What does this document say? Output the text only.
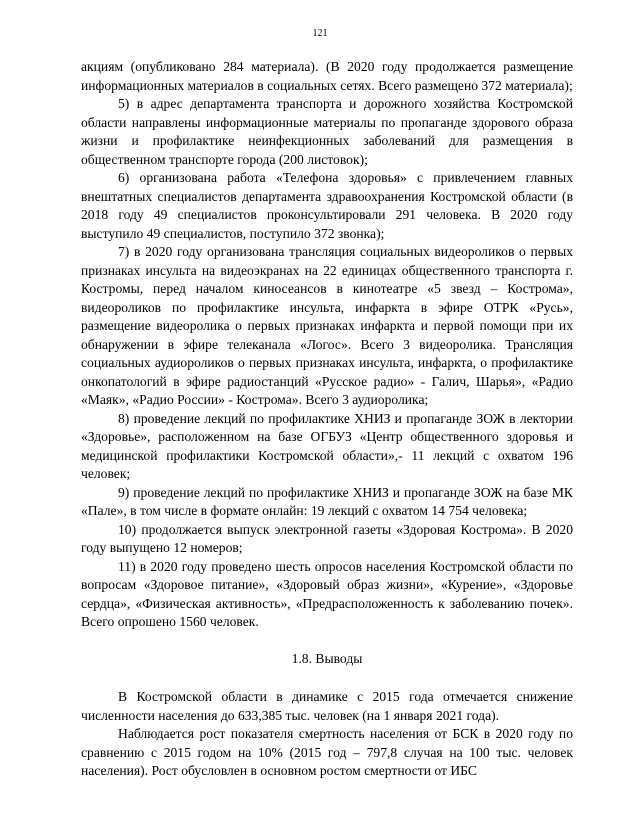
121

акциям (опубликовано 284 материала). (В 2020 году продолжается размещение информационных материалов в социальных сетях. Всего размещено 372 материала);

5) в адрес департамента транспорта и дорожного хозяйства Костромской области направлены информационные материалы по пропаганде здорового образа жизни и профилактике неинфекционных заболеваний для размещения в общественном транспорте города (200 листовок);

6) организована работа «Телефона здоровья» с привлечением главных внештатных специалистов департамента здравоохранения Костромской области (в 2018 году 49 специалистов проконсультировали 291 человека. В 2020 году выступило 49 специалистов, поступило 372 звонка);

7) в 2020 году организована трансляция социальных видеороликов о первых признаках инсульта на видеоэкранах на 22 единицах общественного транспорта г. Костромы, перед началом киносеансов в кинотеатре «5 звезд – Кострома», видеороликов по профилактике инсульта, инфаркта в эфире ОТРК «Русь», размещение видеоролика о первых признаках инфаркта и первой помощи при их обнаружении в эфире телеканала «Логос». Всего 3 видеоролика. Трансляция социальных аудиороликов о первых признаках инсульта, инфаркта, о профилактике онкопатологий в эфире радиостанций «Русское радио» - Галич, Шарья», «Радио «Маяк», «Радио России» - Кострома». Всего 3 аудиоролика;

8) проведение лекций по профилактике ХНИЗ и пропаганде ЗОЖ в лектории «Здоровье», расположенном на базе ОГБУЗ «Центр общественного здоровья и медицинской профилактики Костромской области»,- 11 лекций с охватом 196 человек;

9) проведение лекций по профилактике ХНИЗ и пропаганде ЗОЖ на базе МК «Пале», в том числе в формате онлайн: 19 лекций с охватом 14 754 человека;

10) продолжается выпуск электронной газеты «Здоровая Кострома». В 2020 году выпущено 12 номеров;

11) в 2020 году проведено шесть опросов населения Костромской области по вопросам «Здоровое питание», «Здоровый образ жизни», «Курение», «Здоровье сердца», «Физическая активность», «Предрасположенность к заболеванию почек». Всего опрошено 1560 человек.

1.8. Выводы

В Костромской области в динамике с 2015 года отмечается снижение численности населения до 633,385 тыс. человек (на 1 января 2021 года).

Наблюдается рост показателя смертность населения от БСК в 2020 году по сравнению с 2015 годом на 10% (2015 год – 797,8 случая на 100 тыс. человек населения). Рост обусловлен в основном ростом смертности от ИБС
